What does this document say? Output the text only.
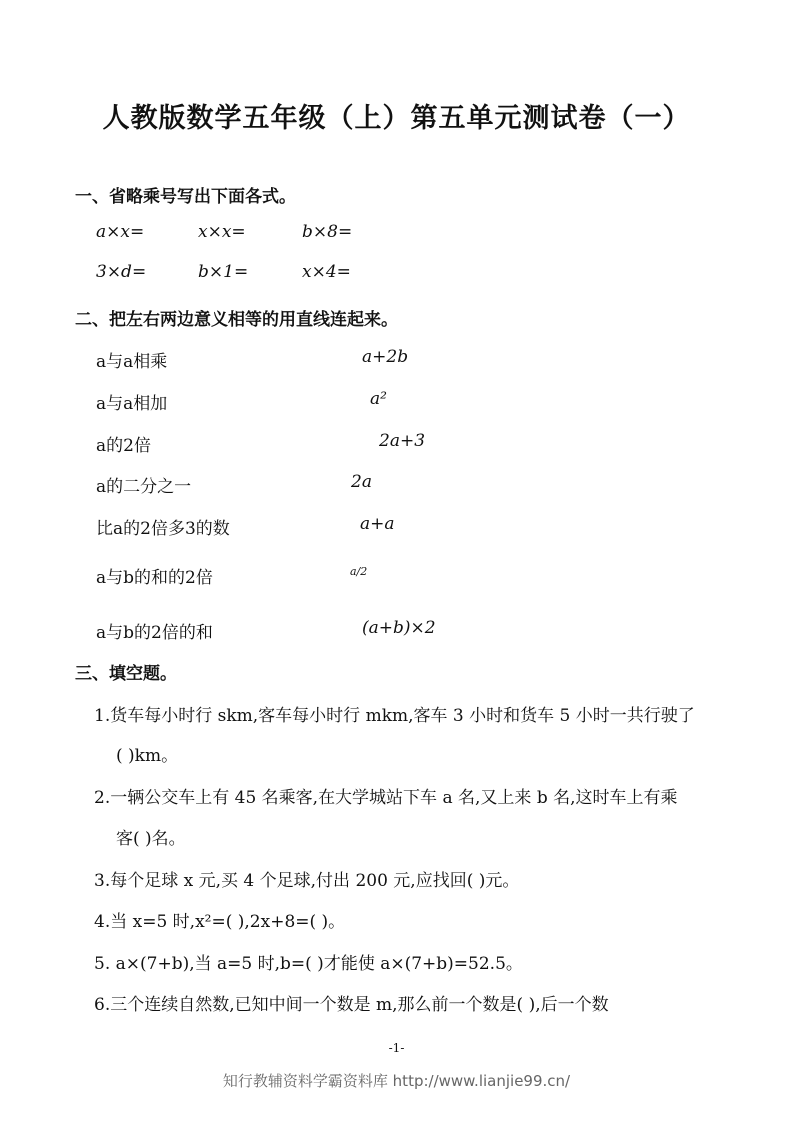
人教版数学五年级（上）第五单元测试卷（一）
一、省略乘号写出下面各式。
a×x=	x×x=	b×8=
3×d=	b×1=	x×4=
二、把左右两边意义相等的用直线连起来。
a与a相乘
a与a相加
a的2倍
a的二分之一
比a的2倍多3的数
a与b的和的2倍
a与b的2倍的和
a+2b
a²
2a+3
2a
a+a
a/2
(a+b)×2
三、填空题。
1.货车每小时行 skm,客车每小时行 mkm,客车 3 小时和货车 5 小时一共行驶了
( )km。
2.一辆公交车上有 45 名乘客,在大学城站下车 a 名,又上来 b 名,这时车上有乘
客( )名。
3.每个足球 x 元,买 4 个足球,付出 200 元,应找回( )元。
4.当 x=5 时,x²=( ),2x+8=( )。
5. a×(7+b),当 a=5 时,b=( )才能使 a×(7+b)=52.5。
6.三个连续自然数,已知中间一个数是 m,那么前一个数是( ),后一个数
-1-
知行教辅资料学霸资料库 http://www.lianjie99.cn/
